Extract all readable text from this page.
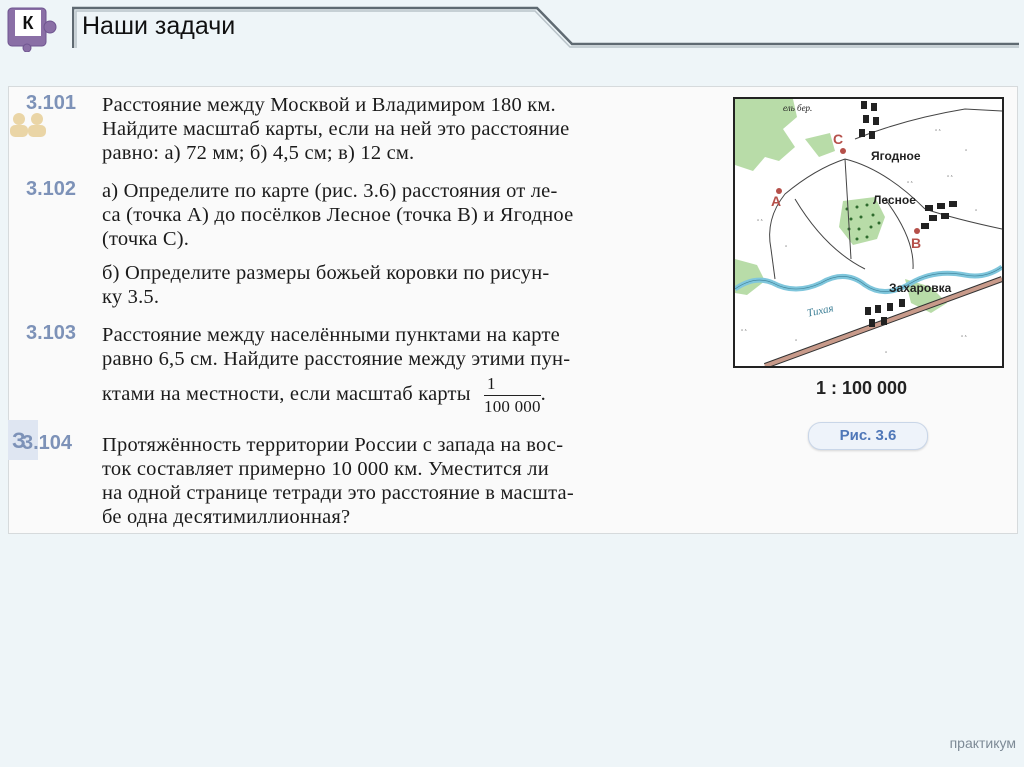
К	Наши задачи
3.101 Расстояние между Москвой и Владимиром 180 км.
Найдите масштаб карты, если на ней это расстояние
равно: а) 72 мм; б) 4,5 см; в) 12 см.
3.102 а) Определите по карте (рис. 3.6) расстояния от ле-
са (точка A) до посёлков Лесное (точка B) и Ягодное
(точка C).
б) Определите размеры божьей коровки по рисун-
ку 3.5.
3.103 Расстояние между населёнными пунктами на карте
равно 6,5 см. Найдите расстояние между этими пун-
ктами на местности, если масштаб карты $\frac{1}{100 000}$ .
З
3.104 Протяжённость территории России с запада на вос-
ток составляет примерно 10 000 км. Уместится ли
на одной странице тетради это расстояние в масшта-
бе одна десятимиллионная?
ꞈ ꞈ
ꞈ
ꞈ ꞈ
ꞈ ꞈ
ꞈ
ꞈ ꞈ
ꞈ
ꞈ ꞈ
ꞈ
ꞈ ꞈ
ꞈ
ель бер.
Ягодное
Лесное
Захаровка
Тихая
A
B
C
1 : 100 000
Рис. 3.6
практикум
